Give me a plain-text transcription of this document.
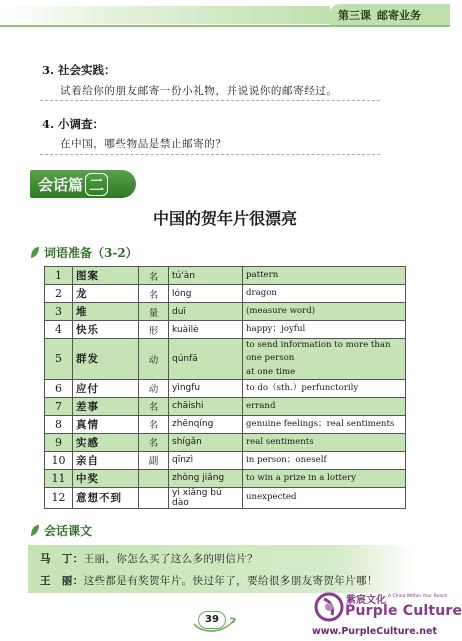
第三课 邮寄业务
3. 社会实践：
试着给你的朋友邮寄一份小礼物，并说说你的邮寄经过。
4. 小调查：
在中国，哪些物品是禁止邮寄的？
会话篇 二
中国的贺年片很漂亮
词语准备（3-2）
1	图案	名	tú'àn	pattern

2	龙	名	lóng	dragon

3	堆	量	duī	(measure word)

4	快乐	形	kuàilè	happy；joyful

5	群发	动	qúnfā	to send information to more than one person
at one time

6	应付	动	yìngfu	to do（sth.）perfunctorily

7	差事	名	chāishi	errand

8	真情	名	zhēnqíng	genuine feelings；real sentiments

9	实感	名	shígǎn	real sentiments

10	亲自	副	qīnzì	in person；oneself

11	中奖		zhòng jiǎng	to win a prize in a lottery

12	意想不到		yì xiǎng bú dào	unexpected
会话课文
马　丁：王丽，你怎么买了这么多的明信片？
王　丽：这些都是有奖贺年片。快过年了，要给很多朋友寄贺年片哪！
39
紫宸文化 A China Within Your Reach
Purple Culture
www.PurpleCulture.net
